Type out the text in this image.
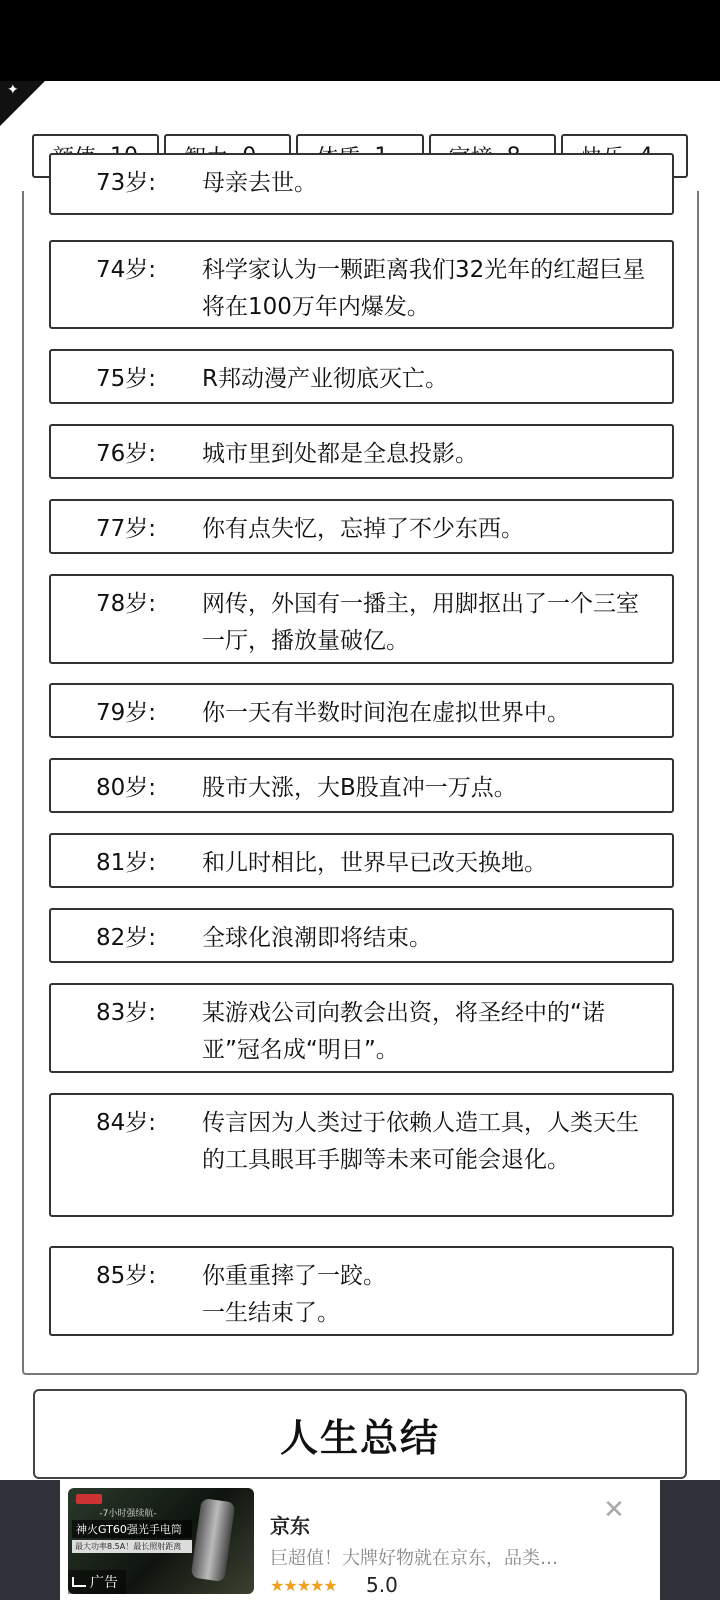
✦
73岁:	母亲去世。
74岁:	科学家认为一颗距离我们32光年的红超巨星将在100万年内爆发。
75岁:	R邦动漫产业彻底灭亡。
76岁:	城市里到处都是全息投影。
77岁:	你有点失忆，忘掉了不少东西。
78岁:	网传，外国有一播主，用脚抠出了一个三室一厅，播放量破亿。
79岁:	你一天有半数时间泡在虚拟世界中。
80岁:	股市大涨，大B股直冲一万点。
81岁:	和儿时相比，世界早已改天换地。
82岁:	全球化浪潮即将结束。
83岁:	某游戏公司向教会出资，将圣经中的“诺亚”冠名成“明日”。
84岁:	传言因为人类过于依赖人造工具，人类天生的工具眼耳手脚等未来可能会退化。
85岁:	你重重摔了一跤。
一生结束了。
人生总结
-7小时强续航-
神火GT60强光手电筒
最大功率8.5A！最长照射距离
广告
京东
巨超值！大牌好物就在京东，品类…
★★★★★ 5.0
✕
